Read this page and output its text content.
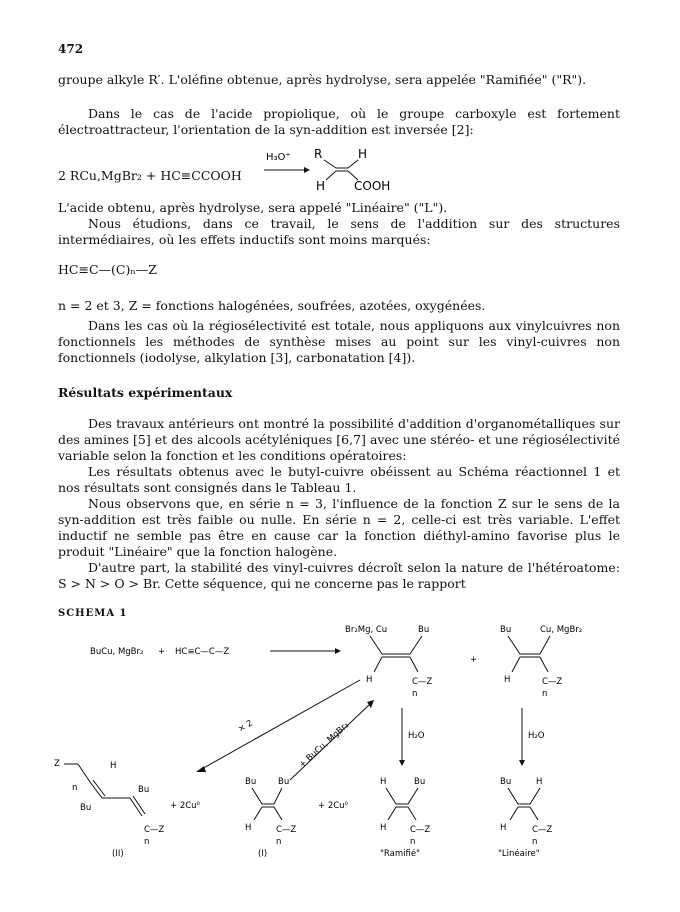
472
groupe alkyle R′. L'oléfine obtenue, après hydrolyse, sera appelée "Ramifiée" ("R").
Dans le cas de l'acide propiolique, où le groupe carboxyle est fortement électroattracteur, l'orientation de la syn-addition est inversée [2]:
2 RCu,MgBr₂ + HC≡CCOOH
H₃O⁺ R	H
H COOH
L'acide obtenu, après hydrolyse, sera appelé "Linéaire" ("L").
Nous étudions, dans ce travail, le sens de l'addition sur des structures intermédiaires, où les effets inductifs sont moins marqués:
HC≡C—(C)ₙ—Z
n = 2 et 3, Z = fonctions halogénées, soufrées, azotées, oxygénées.
Dans les cas où la régiosélectivité est totale, nous appliquons aux vinylcuivres non fonctionnels les méthodes de synthèse mises au point sur les vinyl-cuivres non fonctionnels (iodolyse, alkylation [3], carbonatation [4]).
Résultats expérimentaux
Des travaux antérieurs ont montré la possibilité d'addition d'organométalliques sur des amines [5] et des alcools acétyléniques [6,7] avec une stéréo- et une régiosélectivité variable selon la fonction et les conditions opératoires:
Les résultats obtenus avec le butyl-cuivre obéissent au Schéma réactionnel 1 et nos résultats sont consignés dans le Tableau 1.
Nous observons que, en série n = 3, l'influence de la fonction Z sur le sens de la syn-addition est très faible ou nulle. En série n = 2, celle-ci est très variable. L'effet inductif ne semble pas être en cause car la fonction diéthyl-amino favorise plus le produit "Linéaire" que la fonction halogène.
D'autre part, la stabilité des vinyl-cuivres décroît selon la nature de l'hétéroatome: S > N > O > Br. Cette séquence, qui ne concerne pas le rapport
SCHEMA 1
BuCu, MgBr₂ + HC≡C—C—Z
Br₂Mg, Cu	Bu
H	C—Z
n
+
Bu	Cu, MgBr₂
H	C—Z
n
H₂O	H₂O
× 2	+ BuCu, MgBr₂
Z
n
H
Bu
Bu
C—Z
n
(II)
+ 2Cu⁰
Bu	Bu
H	C—Z
n
(I)
+ 2Cu⁰
H	Bu
H	C—Z
n
"Ramifié"
Bu	H
H	C—Z
n
"Linéaire"
